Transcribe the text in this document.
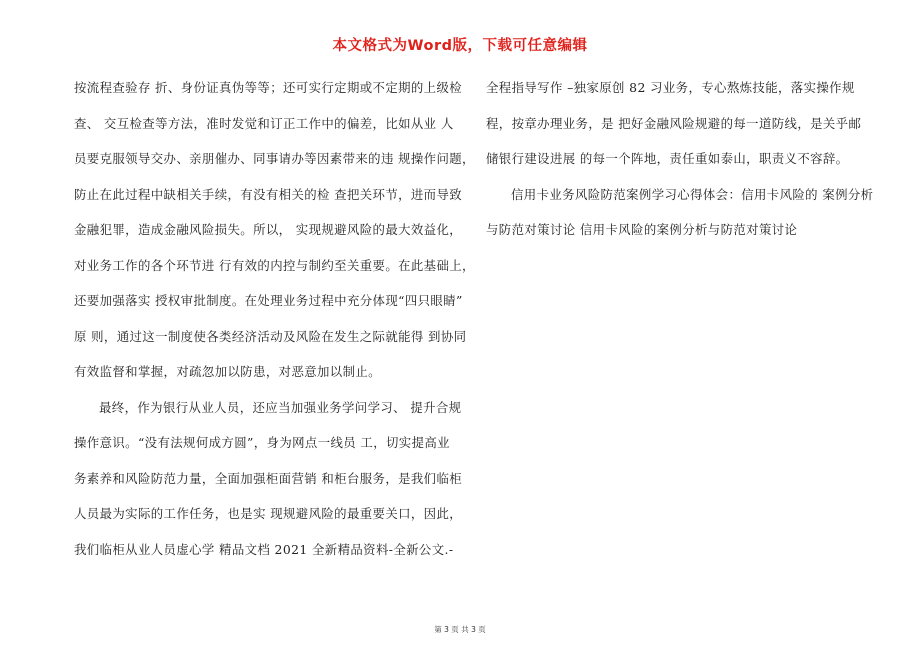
本文格式为Word版，下载可任意编辑
按流程查验存 折、身份证真伪等等；还可实行定期或不定期的上级检
查、 交互检查等方法，准时发觉和订正工作中的偏差，比如从业 人
员要克服领导交办、亲朋催办、同事请办等因素带来的违 规操作问题，
防止在此过程中缺相关手续，有没有相关的检 查把关环节，进而导致
金融犯罪，造成金融风险损失。所以， 实现规避风险的最大效益化，
对业务工作的各个环节进 行有效的内控与制约至关重要。在此基础上，
还要加强落实 授权审批制度。在处理业务过程中充分体现“四只眼睛”
原 则，通过这一制度使各类经济活动及风险在发生之际就能得 到协同
有效监督和掌握，对疏忽加以防患，对恶意加以制止。
最终，作为银行从业人员，还应当加强业务学问学习、 提升合规
操作意识。“没有法规何成方圆”，身为网点一线员 工，切实提高业
务素养和风险防范力量，全面加强柜面营销 和柜台服务，是我们临柜
人员最为实际的工作任务，也是实 现规避风险的最重要关口，因此，
我们临柜从业人员虚心学 精品文档 2021 全新精品资料-全新公文.-
全程指导写作 –独家原创 82 习业务，专心熬炼技能，落实操作规
程，按章办理业务，是 把好金融风险规避的每一道防线，是关乎邮
储银行建设进展 的每一个阵地，责任重如泰山，职责义不容辞。
信用卡业务风险防范案例学习心得体会：信用卡风险的 案例分析
与防范对策讨论 信用卡风险的案例分析与防范对策讨论
第 3 页 共 3 页
